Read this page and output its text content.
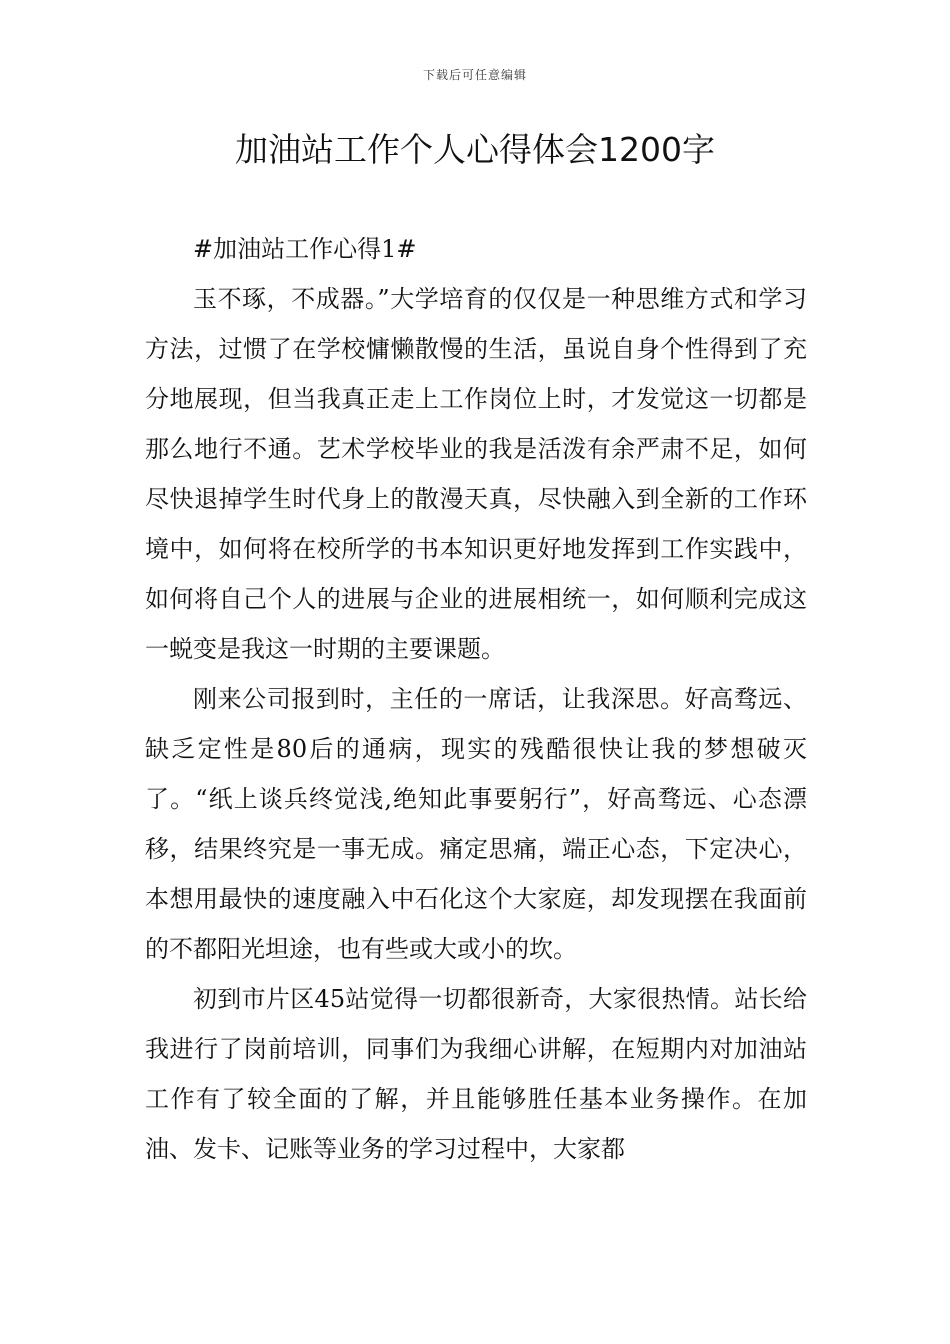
下载后可任意编辑
加油站工作个人心得体会1200字

#加油站工作心得1#

玉不琢，不成器。”大学培育的仅仅是一种思维方式和学习方法，过惯了在学校慵懒散慢的生活，虽说自身个性得到了充分地展现，但当我真正走上工作岗位上时，才发觉这一切都是那么地行不通。艺术学校毕业的我是活泼有余严肃不足，如何尽快退掉学生时代身上的散漫天真，尽快融入到全新的工作环境中，如何将在校所学的书本知识更好地发挥到工作实践中，如何将自己个人的进展与企业的进展相统一，如何顺利完成这一蜕变是我这一时期的主要课题。

刚来公司报到时，主任的一席话，让我深思。好高骛远、缺乏定性是80后的通病，现实的残酷很快让我的梦想破灭了。“纸上谈兵终觉浅,绝知此事要躬行”，好高骛远、心态漂移，结果终究是一事无成。痛定思痛，端正心态，下定决心，本想用最快的速度融入中石化这个大家庭，却发现摆在我面前的不都阳光坦途，也有些或大或小的坎。

初到市片区45站觉得一切都很新奇，大家很热情。站长给我进行了岗前培训，同事们为我细心讲解，在短期内对加油站工作有了较全面的了解，并且能够胜任基本业务操作。在加油、发卡、记账等业务的学习过程中，大家都
